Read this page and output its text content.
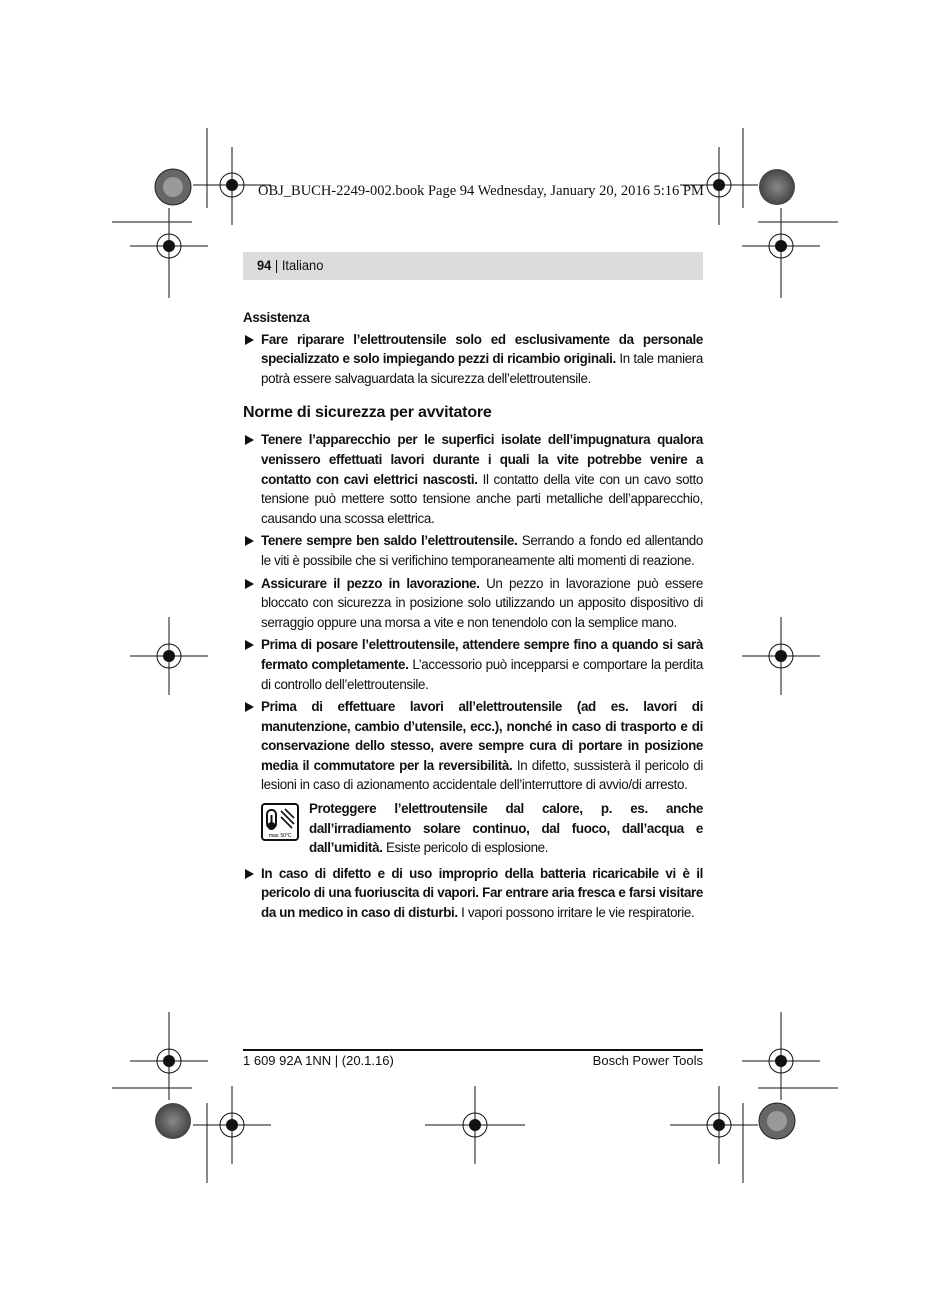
OBJ_BUCH-2249-002.book Page 94 Wednesday, January 20, 2016 5:16 PM
94 | Italiano
Assistenza
Fare riparare l’elettroutensile solo ed esclusivamente da personale specializzato e solo impiegando pezzi di ricambio originali. In tale maniera potrà essere salvaguardata la sicurezza dell’elettroutensile.
Norme di sicurezza per avvitatore
Tenere l’apparecchio per le superfici isolate dell’impugnatura qualora venissero effettuati lavori durante i quali la vite potrebbe venire a contatto con cavi elettrici nascosti. Il contatto della vite con un cavo sotto tensione può mettere sotto tensione anche parti metalliche dell’apparecchio, causando una scossa elettrica.
Tenere sempre ben saldo l’elettroutensile. Serrando a fondo ed allentando le viti è possibile che si verifichino temporaneamente alti momenti di reazione.
Assicurare il pezzo in lavorazione. Un pezzo in lavorazione può essere bloccato con sicurezza in posizione solo utilizzando un apposito dispositivo di serraggio oppure una morsa a vite e non tenendolo con la semplice mano.
Prima di posare l’elettroutensile, attendere sempre fino a quando si sarà fermato completamente. L’accessorio può incepparsi e comportare la perdita di controllo dell’elettroutensile.
Prima di effettuare lavori all’elettroutensile (ad es. lavori di manutenzione, cambio d’utensile, ecc.), nonché in caso di trasporto e di conservazione dello stesso, avere sempre cura di portare in posizione media il commutatore per la reversibilità. In difetto, sussisterà il pericolo di lesioni in caso di azionamento accidentale dell’interruttore di avvio/di arresto.
max. 50°C
Proteggere l’elettroutensile dal calore, p. es. anche dall’irradiamento solare continuo, dal fuoco, dall’acqua e dall’umidità. Esiste pericolo di esplosione.
In caso di difetto e di uso improprio della batteria ricaricabile vi è il pericolo di una fuoriuscita di vapori. Far entrare aria fresca e farsi visitare da un medico in caso di disturbi. I vapori possono irritare le vie respiratorie.
1 609 92A 1NN | (20.1.16)	Bosch Power Tools
